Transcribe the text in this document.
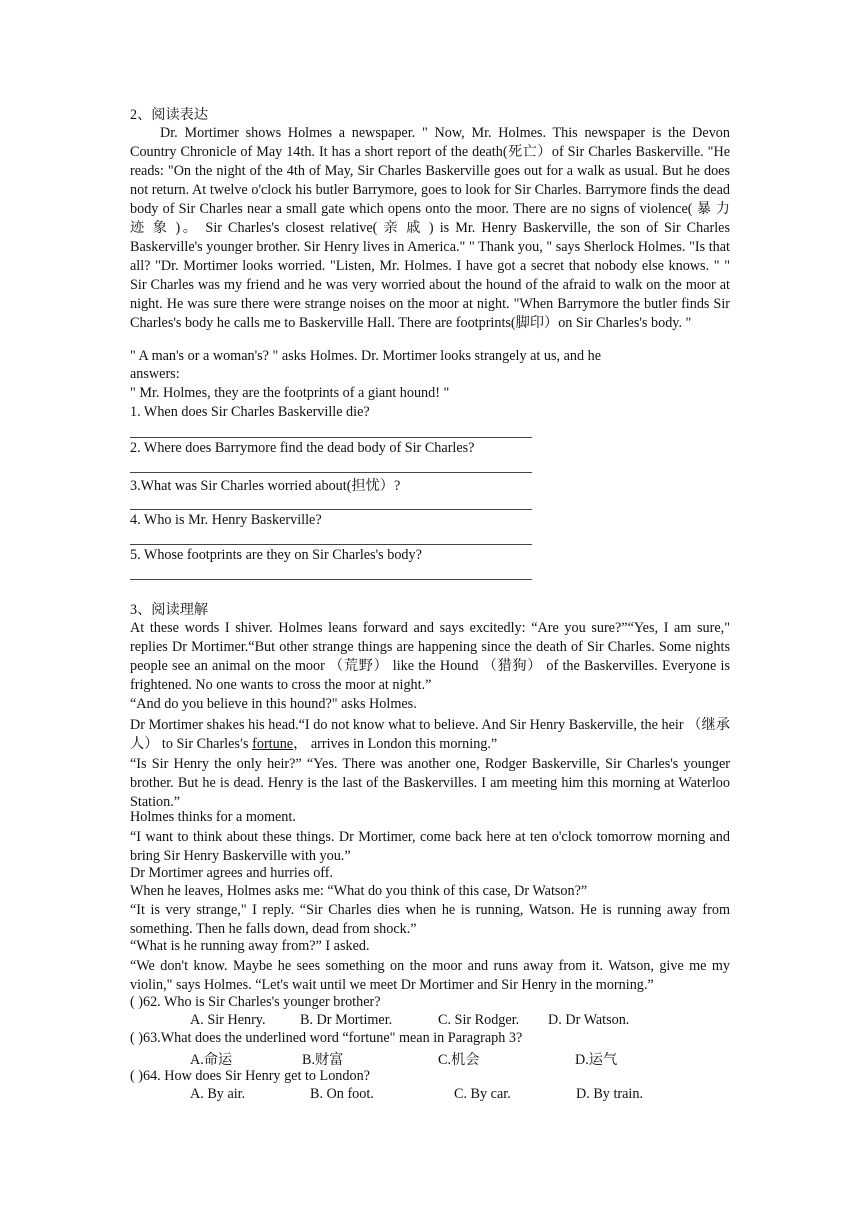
2、阅读表达
Dr. Mortimer shows Holmes a newspaper. " Now, Mr. Holmes. This newspaper is the Devon Country Chronicle of May 14th. It has a short report of the death(死亡）of Sir Charles Baskerville. "He reads: "On the night of the 4th of May, Sir Charles Baskerville goes out for a walk as usual. But he does not return. At twelve o'clock his butler Barrymore, goes to look for Sir Charles. Barrymore finds the dead body of Sir Charles near a small gate which opens onto the moor. There are no signs of violence( 暴 力 迹 象 )。 Sir Charles's closest relative( 亲 戚 ) is Mr. Henry Baskerville, the son of Sir Charles Baskerville's younger brother. Sir Henry lives in America." " Thank you, " says Sherlock Holmes. "Is that all? "Dr. Mortimer looks worried. "Listen, Mr. Holmes. I have got a secret that nobody else knows. " " Sir Charles was my friend and he was very worried about the hound of the afraid to walk on the moor at night. He was sure there were strange noises on the moor at night. "When Barrymore the butler finds Sir Charles's body he calls me to Baskerville Hall. There are footprints(脚印）on Sir Charles's body. "
" A man's or a woman's? " asks Holmes. Dr. Mortimer looks strangely at us, and he
answers:
" Mr. Holmes, they are the footprints of a giant hound! "
1. When does Sir Charles Baskerville die?
2. Where does Barrymore find the dead body of Sir Charles?
3.What was Sir Charles worried about(担忧）?
4. Who is Mr. Henry Baskerville?
5. Whose footprints are they on Sir Charles's body?
3、阅读理解
At these words I shiver. Holmes leans forward and says excitedly: “Are you sure?”“Yes, I am sure," replies Dr Mortimer.“But other strange things are happening since the death of Sir Charles. Some nights people see an animal on the moor （荒野） like the Hound （猎狗） of the Baskervilles. Everyone is frightened. No one wants to cross the moor at night.”
“And do you believe in this hound?" asks Holmes.
Dr Mortimer shakes his head.“I do not know what to believe. And Sir Henry Baskerville, the heir （继承人） to Sir Charles′s fortune， arrives in London this morning.”
“Is Sir Henry the only heir?” “Yes. There was another one, Rodger Baskerville, Sir Charles's younger brother. But he is dead. Henry is the last of the Baskervilles. I am meeting him this morning at Waterloo Station.”
Holmes thinks for a moment.
“I want to think about these things. Dr Mortimer, come back here at ten o'clock tomorrow morning and bring Sir Henry Baskerville with you.”
Dr Mortimer agrees and hurries off.
When he leaves, Holmes asks me: “What do you think of this case, Dr Watson?”
“It is very strange," I reply. “Sir Charles dies when he is running, Watson. He is running away from something. Then he falls down, dead from shock.”
“What is he running away from?” I asked.
“We don't know. Maybe he sees something on the moor and runs away from it. Watson, give me my violin," says Holmes. “Let's wait until we meet Dr Mortimer and Sir Henry in the morning.”
( )62. Who is Sir Charles's younger brother?
A. Sir Henry. B. Dr Mortimer.	C. Sir Rodger. D. Dr Watson.
( )63.What does the underlined word “fortune" mean in Paragraph 3?
A.命运	B.财富	C.机会	D.运气
( )64. How does Sir Henry get to London?
A. By air.	B. On foot.	C. By car.	D. By train.
